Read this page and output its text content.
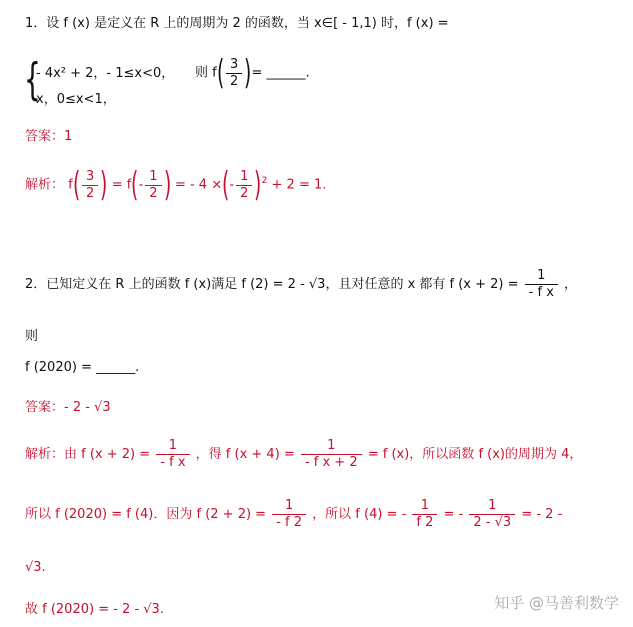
1．设 f (x) 是定义在 R 上的周期为 2 的函数，当 x∈[ - 1,1) 时，f (x) =
{
- 4x² + 2，- 1≤x<0，
x，0≤x<1，
则 $f( \frac{3}{2}$ )= ______.
答案：1
解析： $f( \frac{3}{2}$ ) = $f(- \frac{1}{2}$ ) = - 4 ×(- $\frac{1}{2} )^2 + 2 = 1$.
2．已知定义在 R 上的函数 f (x)满足 f (2) = 2 - √3，且对任意的 x 都有 f $(x + 2) = \frac{1}{\text{- f x}}$ ，
则
f (2020) = ______.
答案：- 2 - √3
解析：由 f $(x + 2) = \frac{1}{\text{- f x}}$ ，得 f $(x + 4) = \frac{1}{\text{- f x + 2}} = f$ (x)，所以函数 f (x)的周期为 4，
所以 f (2020) = f (4)．因为 f $(2 + 2) = \frac{1}{- f 2}$ ，所以 f (4) = - $\frac{1}{f 2}$ = - $\frac{1}{2 - √3}$ = - 2 -
√3.
故 f (2020) = - 2 - √3.	知乎 @马善利数学
